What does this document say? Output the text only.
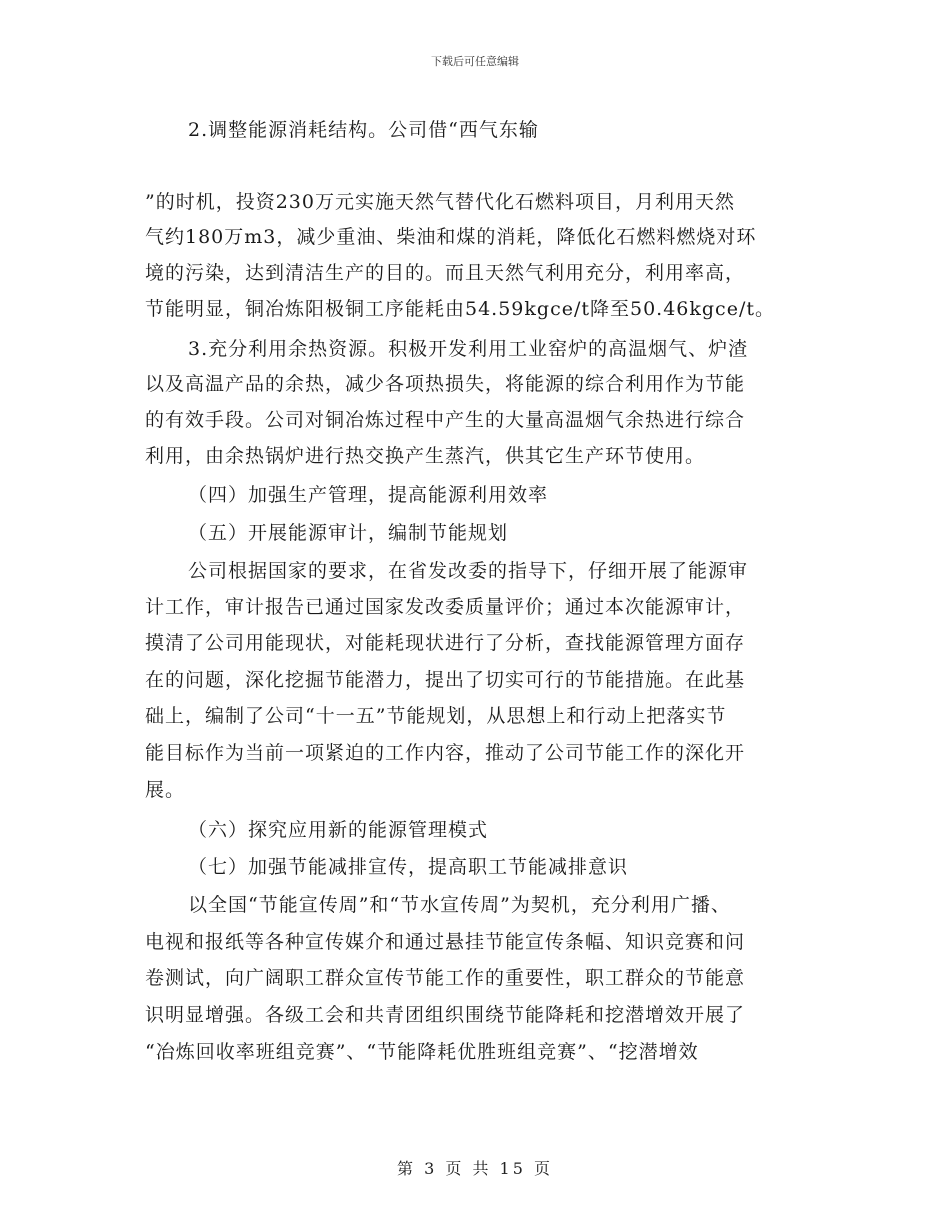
下载后可任意编辑
2.调整能源消耗结构。公司借“西气东输
”的时机，投资230万元实施天然气替代化石燃料项目，月利用天然
气约180万m3，减少重油、柴油和煤的消耗，降低化石燃料燃烧对环
境的污染，达到清洁生产的目的。而且天然气利用充分，利用率高，
节能明显，铜冶炼阳极铜工序能耗由54.59kgce/t降至50.46kgce/t。
3.充分利用余热资源。积极开发利用工业窑炉的高温烟气、炉渣
以及高温产品的余热，减少各项热损失，将能源的综合利用作为节能
的有效手段。公司对铜冶炼过程中产生的大量高温烟气余热进行综合
利用，由余热锅炉进行热交换产生蒸汽，供其它生产环节使用。
（四）加强生产管理，提高能源利用效率
（五）开展能源审计，编制节能规划
公司根据国家的要求，在省发改委的指导下，仔细开展了能源审
计工作，审计报告已通过国家发改委质量评价；通过本次能源审计，
摸清了公司用能现状，对能耗现状进行了分析，查找能源管理方面存
在的问题，深化挖掘节能潜力，提出了切实可行的节能措施。在此基
础上，编制了公司“十一五”节能规划，从思想上和行动上把落实节
能目标作为当前一项紧迫的工作内容，推动了公司节能工作的深化开
展。
（六）探究应用新的能源管理模式
（七）加强节能减排宣传，提高职工节能减排意识
以全国“节能宣传周”和“节水宣传周”为契机，充分利用广播、
电视和报纸等各种宣传媒介和通过悬挂节能宣传条幅、知识竞赛和问
卷测试，向广阔职工群众宣传节能工作的重要性，职工群众的节能意
识明显增强。各级工会和共青团组织围绕节能降耗和挖潜增效开展了
“冶炼回收率班组竞赛”、“节能降耗优胜班组竞赛”、“挖潜增效
第 3 页 共 15 页
